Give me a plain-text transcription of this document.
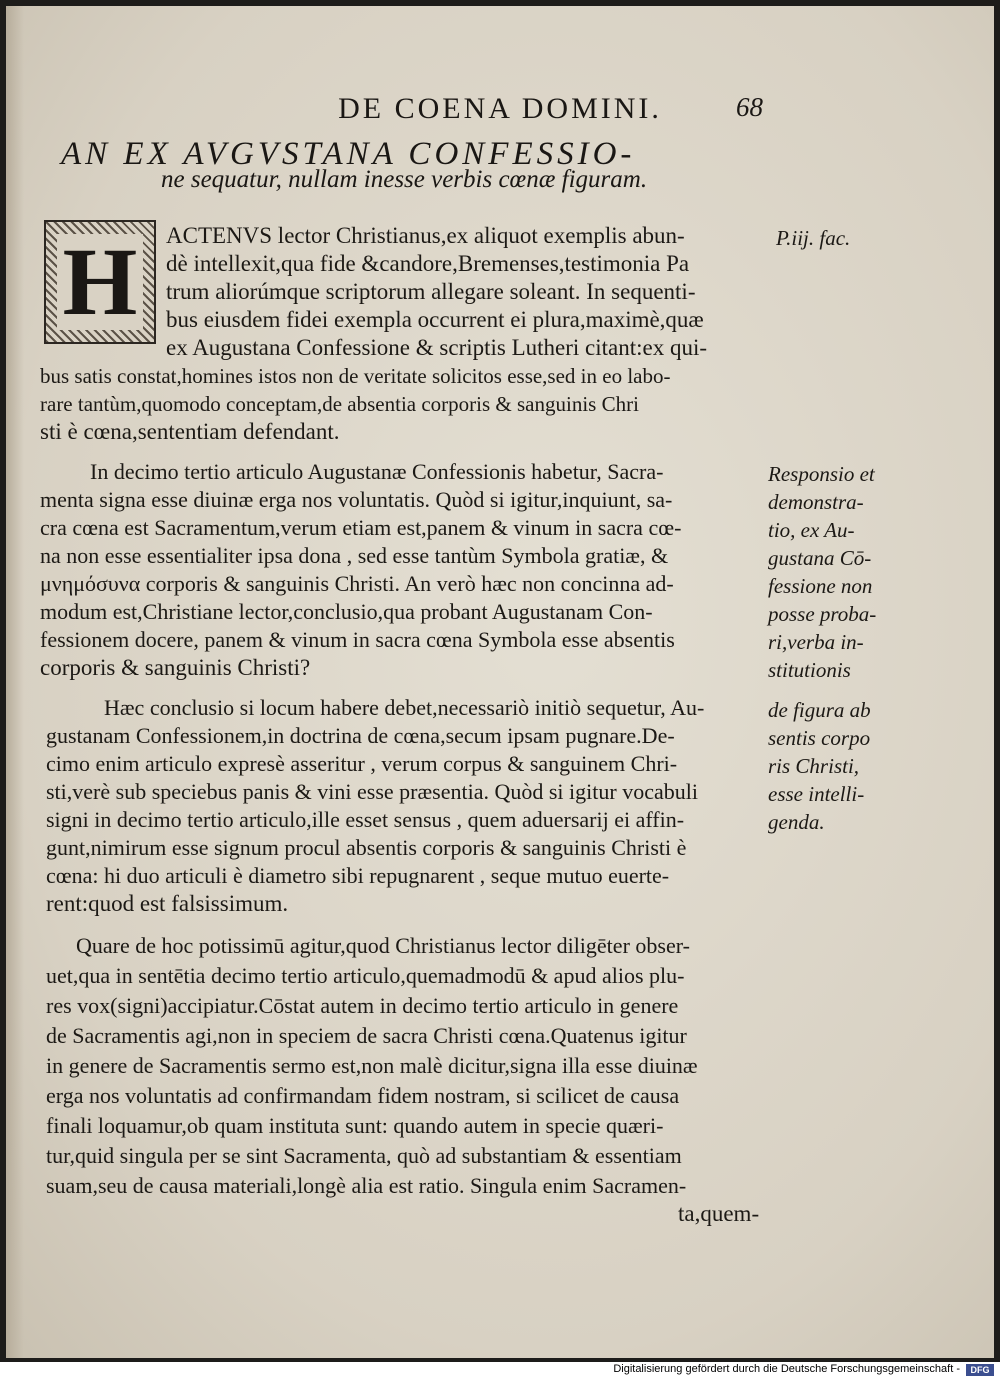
DE COENA DOMINI.	68
AN EX AVGVSTANA CONFESSIO-
ne sequatur, nullam inesse verbis cœnæ figuram.
H ACTENVS lector Christianus,ex aliquot exemplis abun-
dè intellexit,qua fide &candore,Bremenses,testimonia Pa
trum aliorúmque scriptorum allegare soleant. In sequenti-
bus eiusdem fidei exempla occurrent ei plura,maximè,quæ
ex Augustana Confessione & scriptis Lutheri citant:ex qui-
bus satis constat,homines istos non de veritate solicitos esse,sed in eo labo-
rare tantùm,quomodo conceptam,de absentia corporis & sanguinis Chri
sti è cœna,sententiam defendant.
In decimo tertio articulo Augustanæ Confessionis habetur, Sacra-
menta signa esse diuinæ erga nos voluntatis. Quòd si igitur,inquiunt, sa-
cra cœna est Sacramentum,verum etiam est,panem & vinum in sacra cœ-
na non esse essentialiter ipsa dona , sed esse tantùm Symbola gratiæ, &
μνημόσυνα corporis & sanguinis Christi. An verò hæc non concinna ad-
modum est,Christiane lector,conclusio,qua probant Augustanam Con-
fessionem docere, panem & vinum in sacra cœna Symbola esse absentis
corporis & sanguinis Christi?
Hæc conclusio si locum habere debet,necessariò initiò sequetur, Au-
gustanam Confessionem,in doctrina de cœna,secum ipsam pugnare.De-
cimo enim articulo expresè asseritur , verum corpus & sanguinem Chri-
sti,verè sub speciebus panis & vini esse præsentia. Quòd si igitur vocabuli
signi in decimo tertio articulo,ille esset sensus , quem aduersarij ei affin-
gunt,nimirum esse signum procul absentis corporis & sanguinis Christi è
cœna: hi duo articuli è diametro sibi repugnarent , seque mutuo euerte-
rent:quod est falsissimum.
Quare de hoc potissimū agitur,quod Christianus lector diligēter obser-
uet,qua in sentētia decimo tertio articulo,quemadmodū & apud alios plu-
res vox(signi)accipiatur.Cōstat autem in decimo tertio articulo in genere
de Sacramentis agi,non in speciem de sacra Christi cœna.Quatenus igitur
in genere de Sacramentis sermo est,non malè dicitur,signa illa esse diuinæ
erga nos voluntatis ad confirmandam fidem nostram, si scilicet de causa
finali loquamur,ob quam instituta sunt: quando autem in specie quæri-
tur,quid singula per se sint Sacramenta, quò ad substantiam & essentiam
suam,seu de causa materiali,longè alia est ratio. Singula enim Sacramen-
ta,quem-
P.iij. fac.
Responsio et
demonstra-
tio, ex Au-
gustana Cō-
fessione non
posse proba-
ri,verba in-
stitutionis
de figura ab
sentis corpo
ris Christi,
esse intelli-
genda.
Digitalisierung gefördert durch die Deutsche Forschungsgemeinschaft -	DFG
